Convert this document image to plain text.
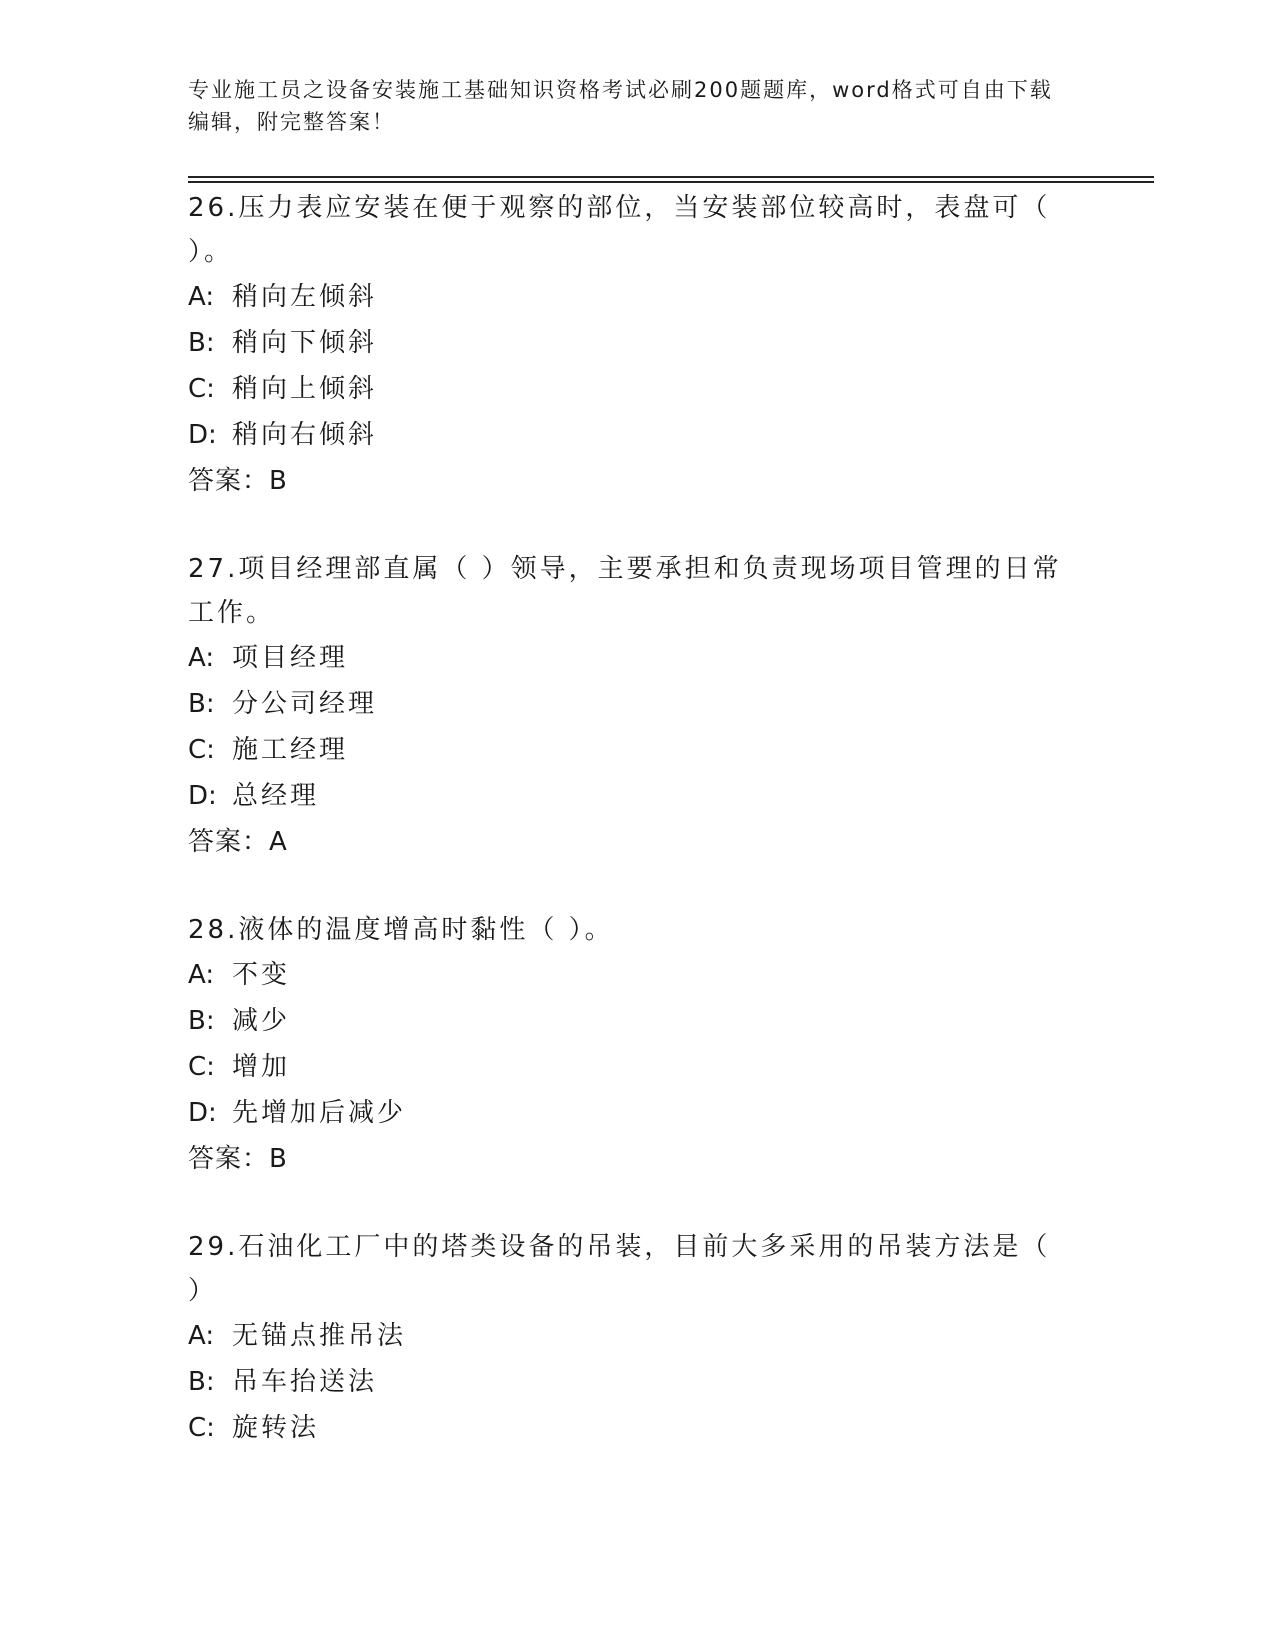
专业施工员之设备安装施工基础知识资格考试必刷200题题库，word格式可自由下载编辑，附完整答案！

26.压力表应安装在便于观察的部位，当安装部位较高时，表盘可（ ）。

A: 稍向左倾斜
B: 稍向下倾斜
C: 稍向上倾斜
D: 稍向右倾斜
答案：B

27.项目经理部直属（ ）领导，主要承担和负责现场项目管理的日常工作。

A: 项目经理
B: 分公司经理
C: 施工经理
D: 总经理
答案：A

28.液体的温度增高时黏性（ ）。

A: 不变
B: 减少
C: 增加
D: 先增加后减少
答案：B

29.石油化工厂中的塔类设备的吊装，目前大多采用的吊装方法是（ ）

A: 无锚点推吊法
B: 吊车抬送法
C: 旋转法
